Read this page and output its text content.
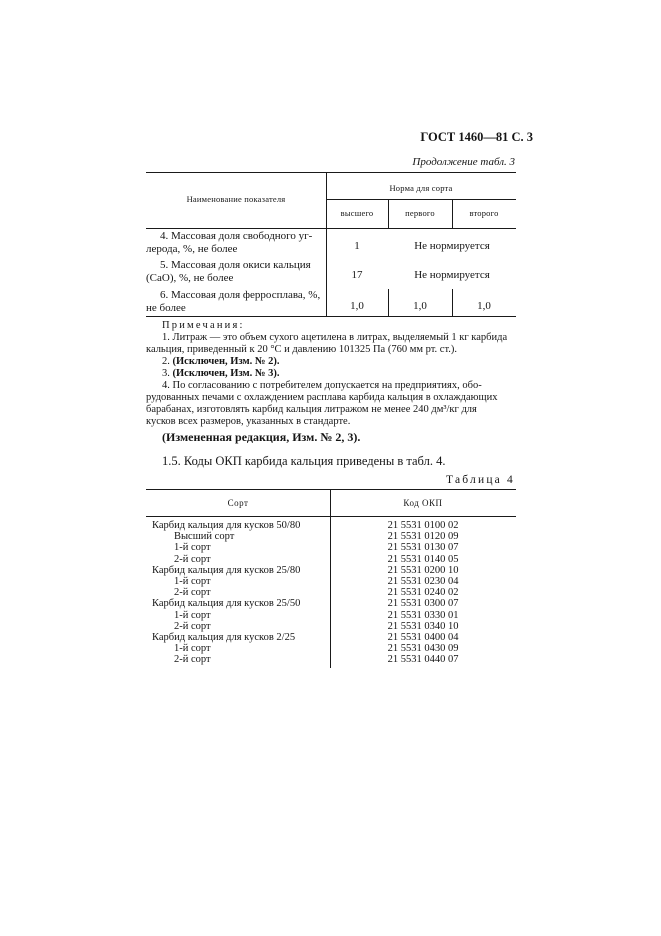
ГОСТ 1460—81 С. 3
Продолжение табл. 3
Наименование показателя
Норма для сорта
высшего	первого	второго
4. Массовая доля свободного уг-
лерода, %, не более	1	Не нормируется
5. Массовая доля окиси кальция
(CaO), %, не более	17	Не нормируется
6. Массовая доля ферросплава, %,
не более	1,0	1,0	1,0
Примечания:
1. Литраж — это объем сухого ацетилена в литрах, выделяемый 1 кг карбида
кальция, приведенный к 20 °С и давлению 101325 Па (760 мм рт. ст.).
2. (Исключен, Изм. № 2).
3. (Исключен, Изм. № 3).
4. По согласованию с потребителем допускается на предприятиях, обо-
рудованных печами с охлаждением расплава карбида кальция в охлаждающих
барабанах, изготовлять карбид кальция литражом не менее 240 дм³/кг для
кусков всех размеров, указанных в стандарте.
(Измененная редакция, Изм. № 2, 3).
1.5. Коды ОКП карбида кальция приведены в табл. 4.
Таблица 4
Сорт	Код ОКП
Карбид кальция для кусков 50/80	21 5531 0100 02
Высший сорт	21 5531 0120 09
1-й сорт	21 5531 0130 07
2-й сорт	21 5531 0140 05
Карбид кальция для кусков 25/80	21 5531 0200 10
1-й сорт	21 5531 0230 04
2-й сорт	21 5531 0240 02
Карбид кальция для кусков 25/50	21 5531 0300 07
1-й сорт	21 5531 0330 01
2-й сорт	21 5531 0340 10
Карбид кальция для кусков 2/25	21 5531 0400 04
1-й сорт	21 5531 0430 09
2-й сорт	21 5531 0440 07
